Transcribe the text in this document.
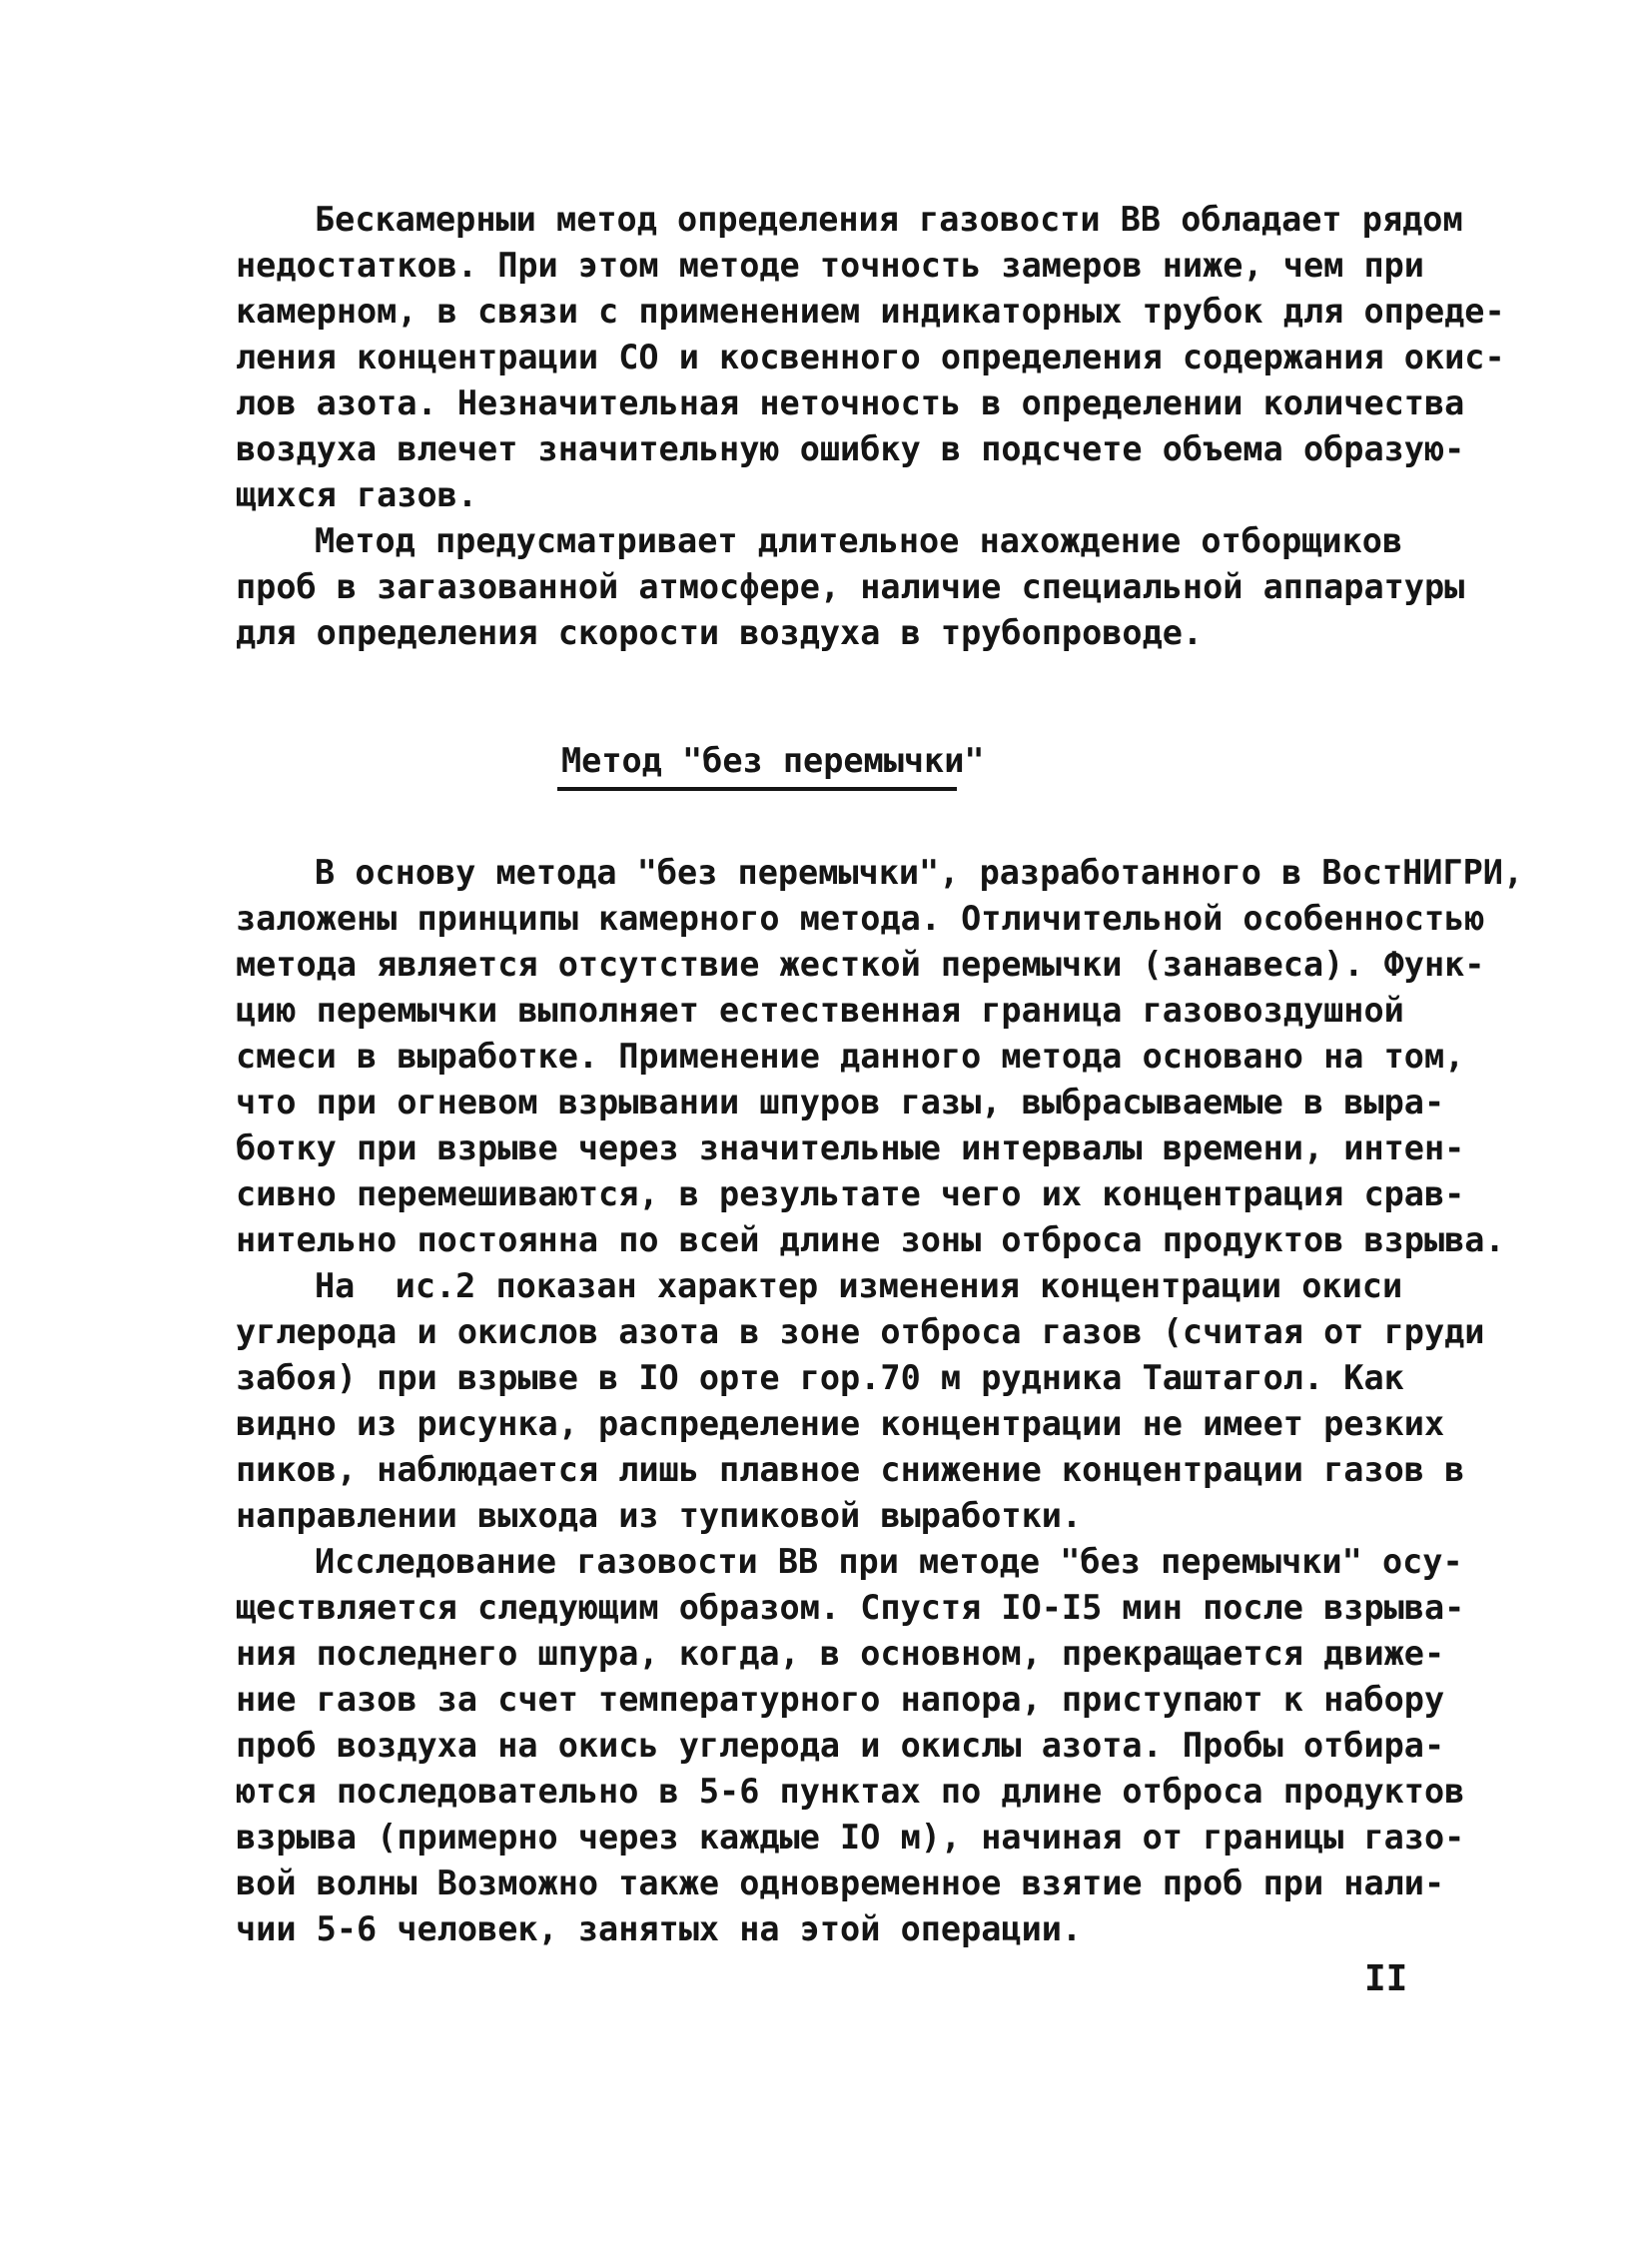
Бескамерныи метод определения газовости ВВ обладает рядом
недостатков. При этом методе точность замеров ниже, чем при
камерном, в связи с применением индикаторных трубок для опреде-
ления концентрации СО и косвенного определения содержания окис-
лов азота. Незначительная неточность в определении количества
воздуха влечет значительную ошибку в подсчете объема образую-
щихся газов.
Метод предусматривает длительное нахождение отборщиков
проб в загазованной атмосфере, наличие специальной аппаратуры
для определения скорости воздуха в трубопроводе.
Метод "без перемычки"
В основу метода "без перемычки", разработанного в ВостНИГРИ,
заложены принципы камерного метода. Отличительной особенностью
метода является отсутствие жесткой перемычки (занавеса). Функ-
цию перемычки выполняет естественная граница газовоздушной
смеси в выработке. Применение данного метода основано на том,
что при огневом взрывании шпуров газы, выбрасываемые в выра-
ботку при взрыве через значительные интервалы времени, интен-
сивно перемешиваются, в результате чего их концентрация срав-
нительно постоянна по всей длине зоны отброса продуктов взрыва.
На  ис.2 показан характер изменения концентрации окиси
углерода и окислов азота в зоне отброса газов (считая от груди
забоя) при взрыве в IO орте гор.70 м рудника Таштагол. Как
видно из рисунка, распределение концентрации не имеет резких
пиков, наблюдается лишь плавное снижение концентрации газов в
направлении выхода из тупиковой выработки.
Исследование газовости ВВ при методе "без перемычки" осу-
ществляется следующим образом. Спустя IO-I5 мин после взрыва-
ния последнего шпура, когда, в основном, прекращается движе-
ние газов за счет температурного напора, приступают к набору
проб воздуха на окись углерода и окислы азота. Пробы отбира-
ются последовательно в 5-6 пунктах по длине отброса продуктов
взрыва (примерно через каждые IO м), начиная от границы газо-
вой волны Возможно также одновременное взятие проб при нали-
чии 5-6 человек, занятых на этой операции.
II
